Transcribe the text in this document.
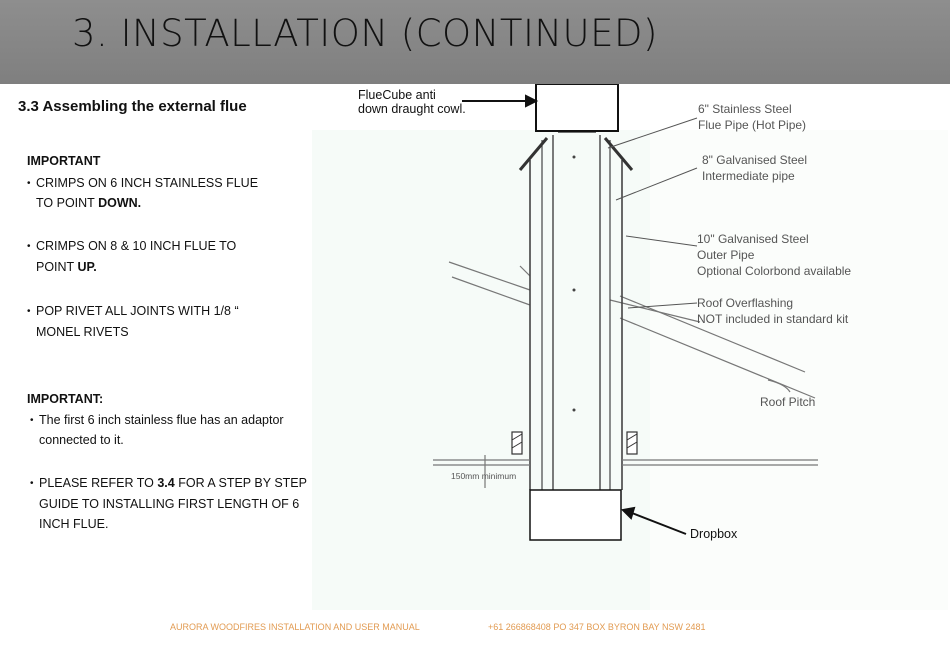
3. INSTALLATION (CONTINUED)
3.3 Assembling the external flue
IMPORTANT
• CRIMPS ON 6 INCH STAINLESS FLUE
TO POINT DOWN.
• CRIMPS ON 8 & 10 INCH FLUE TO
POINT UP.
• POP RIVET ALL JOINTS WITH 1/8 “
MONEL RIVETS
IMPORTANT:
• The first 6 inch stainless flue has an adaptor
connected to it.
• PLEASE REFER TO 3.4 FOR A STEP BY STEP
GUIDE TO INSTALLING FIRST LENGTH OF 6
INCH FLUE.
FlueCube anti
down draught cowl.	6" Stainless Steel
Flue Pipe (Hot Pipe)
8" Galvanised Steel
Intermediate pipe
10" Galvanised Steel
Outer Pipe
Optional Colorbond available
Roof Overflashing
NOT included in standard kit
Roof Pitch
150mm minimum
Dropbox
AURORA WOODFIRES INSTALLATION AND USER MANUAL	+61 266868408 PO 347 BOX BYRON BAY NSW 2481
